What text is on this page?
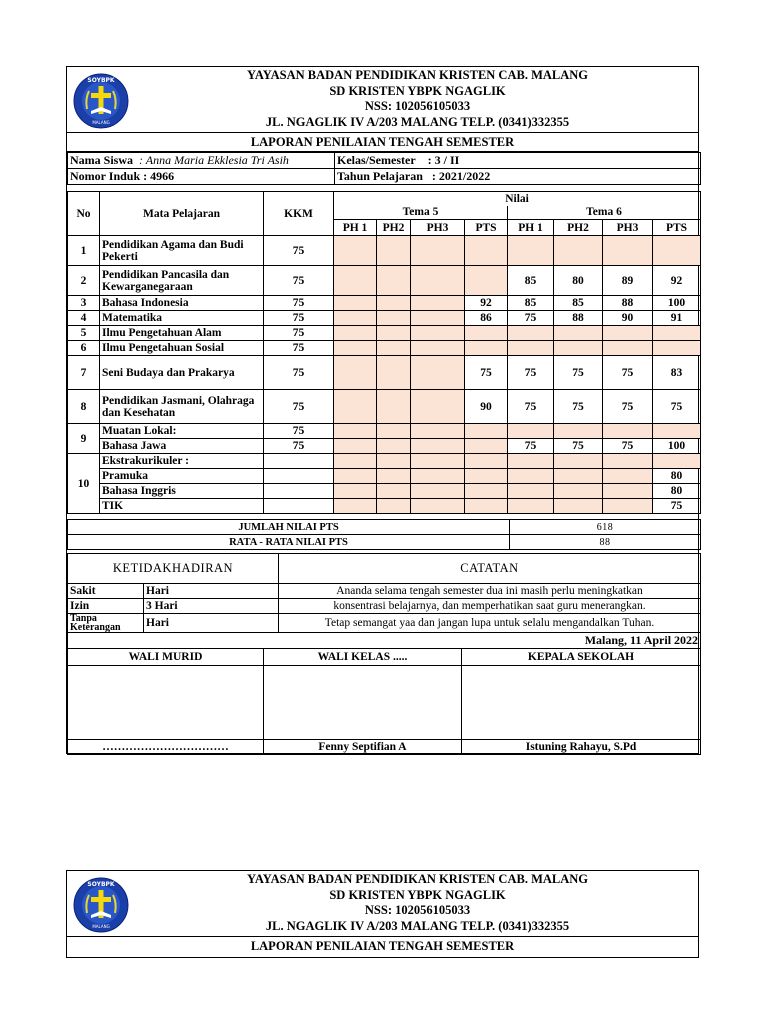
SOYBPK
MALANG
YAYASAN BADAN PENDIDIKAN KRISTEN CAB. MALANG
SD KRISTEN YBPK NGAGLIK
NSS: 102056105033
JL. NGAGLIK IV A/203 MALANG TELP. (0341)332355
LAPORAN PENILAIAN TENGAH SEMESTER
Nama Siswa : Anna Maria Ekklesia Tri Asih	Kelas/Semester : 3 / II
Nomor Induk : 4966	Tahun Pelajaran : 2021/2022
No	Mata Pelajaran	KKM	Nilai							
			Tema 5				Tema 6			
			PH 1	PH2	PH3	PTS	PH 1	PH2	PH3	PTS
1	Pendidikan Agama dan Budi Pekerti	75								
2	Pendidikan Pancasila dan Kewarganegaraan	75					85	80	89	92
3	Bahasa Indonesia	75				92	85	85	88	100
4	Matematika	75				86	75	88	90	91
5	Ilmu Pengetahuan Alam	75								
6	Ilmu Pengetahuan Sosial	75								
7	Seni Budaya dan Prakarya	75				75	75	75	75	83
8	Pendidikan Jasmani, Olahraga dan Kesehatan	75				90	75	75	75	75
9	Muatan Lokal:	75								
	Bahasa Jawa	75					75	75	75	100
10	Ekstrakurikuler :									
	Pramuka									80
	Bahasa Inggris									80
	TIK									75
JUMLAH NILAI PTS	618
RATA - RATA NILAI PTS	88
KETIDAKHADIRAN		CATATAN
Sakit	Hari	Ananda selama tengah semester dua ini masih perlu meningkatkan
Izin	3 Hari	konsentrasi belajarnya, dan memperhatikan saat guru menerangkan.
Tanpa Keterangan	Hari	Tetap semangat yaa dan jangan lupa untuk selalu mengandalkan Tuhan.
Malang, 11 April 2022		
WALI MURID	WALI KELAS .....	KEPALA SEKOLAH

……………………………	Fenny Septifian A	Istuning Rahayu, S.Pd
SOYBPK
MALANG
YAYASAN BADAN PENDIDIKAN KRISTEN CAB. MALANG
SD KRISTEN YBPK NGAGLIK
NSS: 102056105033
JL. NGAGLIK IV A/203 MALANG TELP. (0341)332355
LAPORAN PENILAIAN TENGAH SEMESTER
